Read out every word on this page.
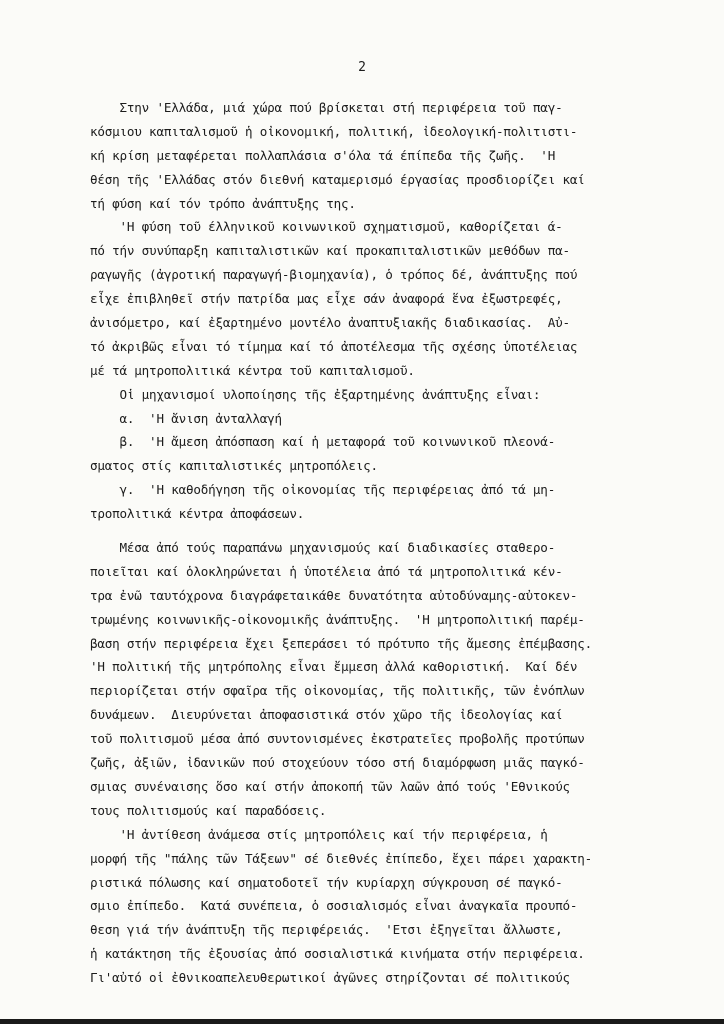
2
Στην 'Ελλάδα, μιά χώρα πού βρίσκεται στή περιφέρεια τοῦ παγ-
κόσμιου καπιταλισμοῦ ἡ οἰκονομική, πολιτική, ἰδεολογική-πολιτιστι-
κή κρίση μεταφέρεται πολλαπλάσια σ'όλα τά έπίπεδα τῆς ζωῆς.  'Η
θέση τῆς 'Ελλάδας στόν διεθνή καταμερισμό έργασίας προσδιορίζει καί
τή φύση καί τόν τρόπο ἀνάπτυξης της.
'Η φύση τοῦ έλληνικοῦ κοινωνικοῦ σχηματισμοῦ, καθορίζεται ά-
πό τήν συνύπαρξη καπιταλιστικῶν καί προκαπιταλιστικῶν μεθόδων πα-
ραγωγῆς (ἀγροτική παραγωγή-βιομηχανία), ὁ τρόπος δέ, ἀνάπτυξης πού
εἶχε ἐπιβληθεῖ στήν πατρίδα μας εἶχε σάν ἀναφορά ἕνα ἐξωστρεφές,
ἀνισόμετρο, καί ἐξαρτημένο μοντέλο ἀναπτυξιακῆς διαδικασίας.  Αὐ-
τό ἀκριβῶς εἶναι τό τίμημα καί τό ἀποτέλεσμα τῆς σχέσης ὑποτέλειας
μέ τά μητροπολιτικά κέντρα τοῦ καπιταλισμοῦ.
Οἱ μηχανισμοί υλοποίησης τῆς ἐξαρτημένης ἀνάπτυξης εἶναι:
α.  'Η ἄνιση ἀνταλλαγή
β.  'Η ἄμεση ἀπόσπαση καί ἡ μεταφορά τοῦ κοινωνικοῦ πλεονά-
σματος στίς καπιταλιστικές μητροπόλεις.
γ.  'Η καθοδήγηση τῆς οἰκονομίας τῆς περιφέρειας ἀπό τά μη-
τροπολιτικά κέντρα ἀποφάσεων.
Μέσα ἀπό τούς παραπάνω μηχανισμούς καί διαδικασίες σταθερο-
ποιεῖται καί ὁλοκληρώνεται ἡ ὑποτέλεια ἀπό τά μητροπολιτικά κέν-
τρα ἐνῶ ταυτόχρονα διαγράφεταικάθε δυνατότητα αὐτοδύναμης-αὐτοκεν-
τρωμένης κοινωνικῆς-οἰκονομικῆς ἀνάπτυξης.  'Η μητροπολιτική παρέμ-
βαση στήν περιφέρεια ἔχει ξεπεράσει τό πρότυπο τῆς ἄμεσης ἐπέμβασης.
'Η πολιτική τῆς μητρόπολης εἶναι ἔμμεση ἀλλά καθοριστική.  Καί δέν
περιορίζεται στήν σφαῖρα τῆς οἰκονομίας, τῆς πολιτικῆς, τῶν ἐνόπλων
δυνάμεων.  Διευρύνεται ἀποφασιστικά στόν χῶρο τῆς ἰδεολογίας καί
τοῦ πολιτισμοῦ μέσα ἀπό συντονισμένες ἐκστρατεῖες προβολῆς προτύπων
ζωῆς, ἀξιῶν, ἰδανικῶν πού στοχεύουν τόσο στή διαμόρφωση μιᾶς παγκό-
σμιας συνέναισης ὅσο καί στήν ἀποκοπή τῶν λαῶν ἀπό τούς 'Εθνικούς
τους πολιτισμούς καί παραδόσεις.
'Η ἀντίθεση ἀνάμεσα στίς μητροπόλεις καί τήν περιφέρεια, ἡ
μορφή τῆς "πάλης τῶν Τάξεων" σέ διεθνές ἐπίπεδο, ἔχει πάρει χαρακτη-
ριστικά πόλωσης καί σηματοδοτεῖ τήν κυρίαρχη σύγκρουση σέ παγκό-
σμιο ἐπίπεδο.  Κατά συνέπεια, ὁ σοσιαλισμός εἶναι ἀναγκαῖα προυπό-
θεση γιά τήν ἀνάπτυξη τῆς περιφέρειάς.  'Ετσι ἐξηγεῖται ἄλλωστε,
ἡ κατάκτηση τῆς ἐξουσίας ἀπό σοσιαλιστικά κινήματα στήν περιφέρεια.
Γι'αὐτό οἱ ἐθνικοαπελευθερωτικοί ἀγῶνες στηρίζονται σέ πολιτικούς
